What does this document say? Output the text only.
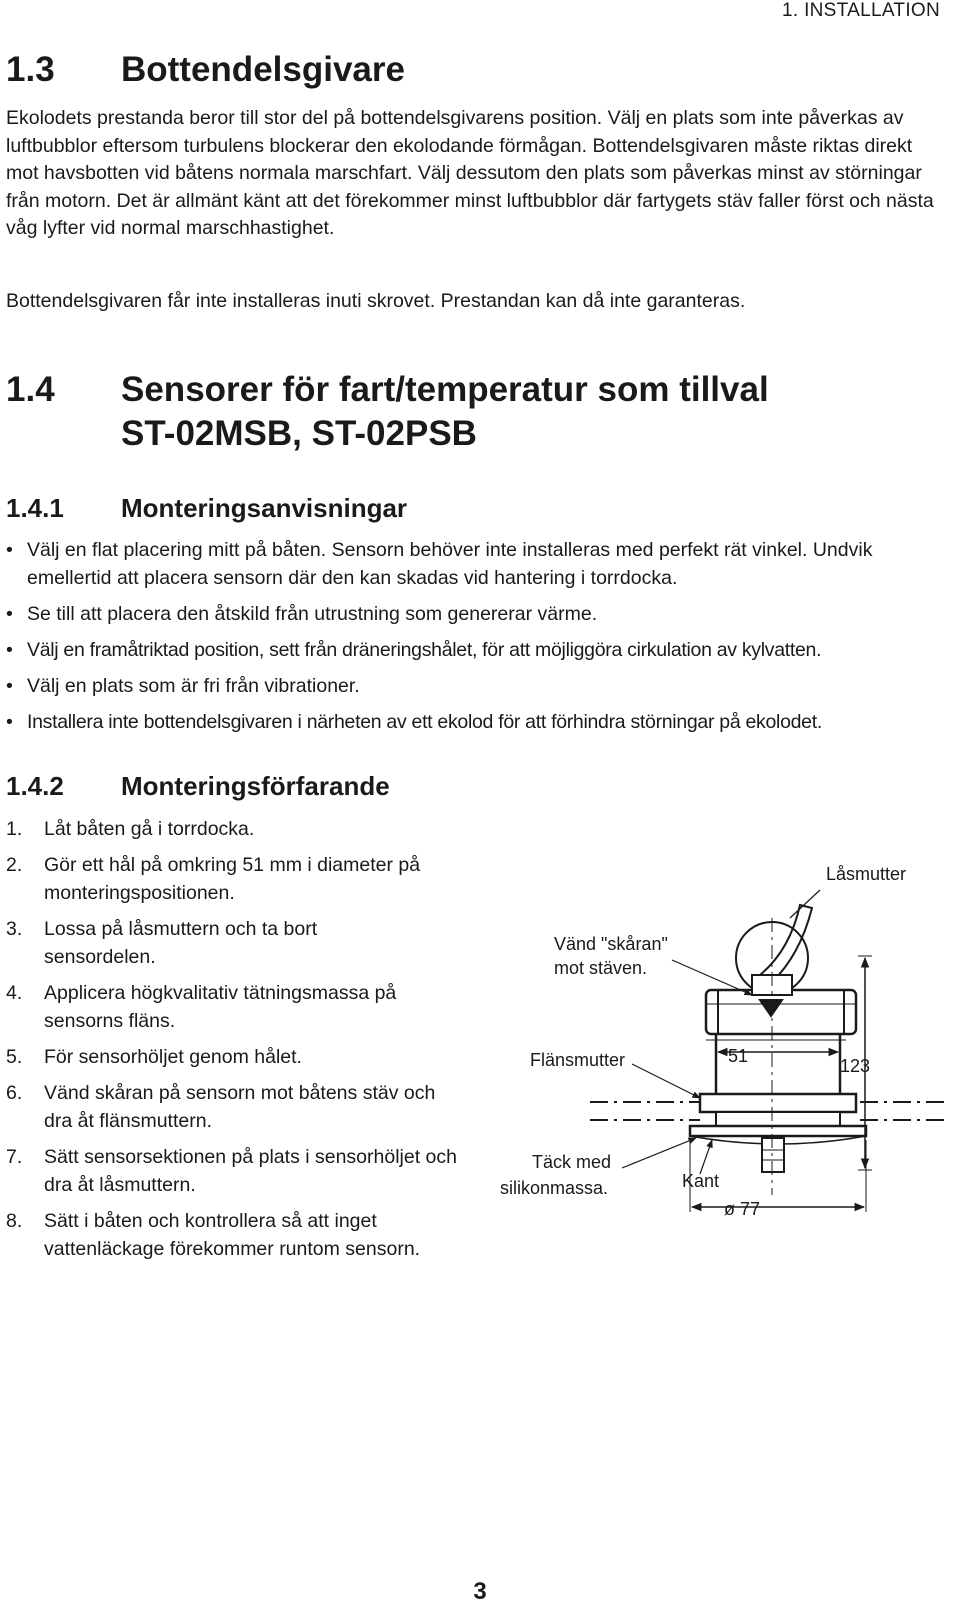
1. INSTALLATION
1.3 Bottendelsgivare

Ekolodets prestanda beror till stor del på bottendelsgivarens position. Välj en plats som inte påverkas av luftbubblor eftersom turbulens blockerar den ekolodande förmågan. Bottendelsgivaren måste riktas direkt mot havsbotten vid båtens normala marschfart. Välj dessutom den plats som påverkas minst av störningar från motorn. Det är allmänt känt att det förekommer minst luftbubblor där fartygets stäv faller först och nästa våg lyfter vid normal marschhastighet.

Bottendelsgivaren får inte installeras inuti skrovet. Prestandan kan då inte garanteras.

1.4 Sensorer för fart/temperatur som tillval
ST-02MSB, ST-02PSB
1.4.1 Monteringsanvisningar
• Välj en flat placering mitt på båten. Sensorn behöver inte installeras med perfekt rät vinkel. Undvik emellertid att placera sensorn där den kan skadas vid hantering i torrdocka.
• Se till att placera den åtskild från utrustning som genererar värme.
• Välj en framåtriktad position, sett från dräneringshålet, för att möjliggöra cirkulation av kylvatten.
• Välj en plats som är fri från vibrationer.
• Installera inte bottendelsgivaren i närheten av ett ekolod för att förhindra störningar på ekolodet.
1.4.2 Monteringsförfarande
1. Låt båten gå i torrdocka.
2. Gör ett hål på omkring 51 mm i diameter på monteringspositionen.
3. Lossa på låsmuttern och ta bort sensordelen.
4. Applicera högkvalitativ tätningsmassa på sensorns fläns.
5. För sensorhöljet genom hålet.
6. Vänd skåran på sensorn mot båtens stäv och dra åt flänsmuttern.
7. Sätt sensorsektionen på plats i sensorhöljet och dra åt låsmuttern.
8. Sätt i båten och kontrollera så att inget vattenläckage förekommer runtom sensorn.
Låsmutter
Vänd "skåran"
mot stäven.
Flänsmutter	51	123
Täck med
silikonmassa.	Kant
ø 77
3
